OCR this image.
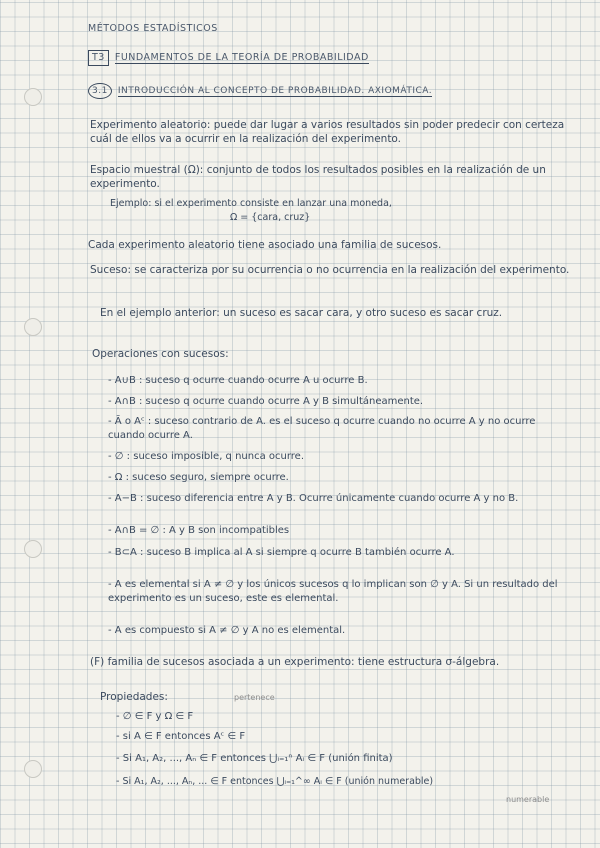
MÉTODOS ESTADÍSTICOS
T3 FUNDAMENTOS DE LA TEORÍA DE PROBABILIDAD
3.1 INTRODUCCIÓN AL CONCEPTO DE PROBABILIDAD. AXIOMÁTICA.
Experimento aleatorio: puede dar lugar a varios resultados sin poder predecir con certeza cuál de ellos va a ocurrir en la realización del experimento.
Espacio muestral (Ω): conjunto de todos los resultados posibles en la realización de un experimento.
Ejemplo: si el experimento consiste en lanzar una moneda,
Ω = {cara, cruz}
Cada experimento aleatorio tiene asociado una familia de sucesos.
Suceso: se caracteriza por su ocurrencia o no ocurrencia en la realización del experimento.
En el ejemplo anterior: un suceso es sacar cara, y otro suceso es sacar cruz.
Operaciones con sucesos:
- A∪B : suceso q ocurre cuando ocurre A u ocurre B.
- A∩B : suceso q ocurre cuando ocurre A y B simultáneamente.
- Ā o Aᶜ : suceso contrario de A. es el suceso q ocurre cuando no ocurre A y no ocurre cuando ocurre A.
- ∅ : suceso imposible, q nunca ocurre.
- Ω : suceso seguro, siempre ocurre.
- A−B : suceso diferencia entre A y B. Ocurre únicamente cuando ocurre A y no B.
- A∩B = ∅ : A y B son incompatibles
- B⊂A : suceso B implica al A si siempre q ocurre B también ocurre A.
- A es elemental si A ≠ ∅ y los únicos sucesos q lo implican son ∅ y A. Si un resultado del experimento es un suceso, este es elemental.
- A es compuesto si A ≠ ∅ y A no es elemental.
(F) familia de sucesos asociada a un experimento: tiene estructura σ-álgebra.
Propiedades:	pertenece
- ∅ ∈ F y Ω ∈ F
- si A ∈ F entonces Aᶜ ∈ F
- Si A₁, A₂, ..., Aₙ ∈ F entonces ⋃ᵢ₌₁ⁿ Aᵢ ∈ F (unión finita)
- Si A₁, A₂, ..., Aₙ, ... ∈ F entonces ⋃ᵢ₌₁^∞ Aᵢ ∈ F (unión numerable)
numerable
